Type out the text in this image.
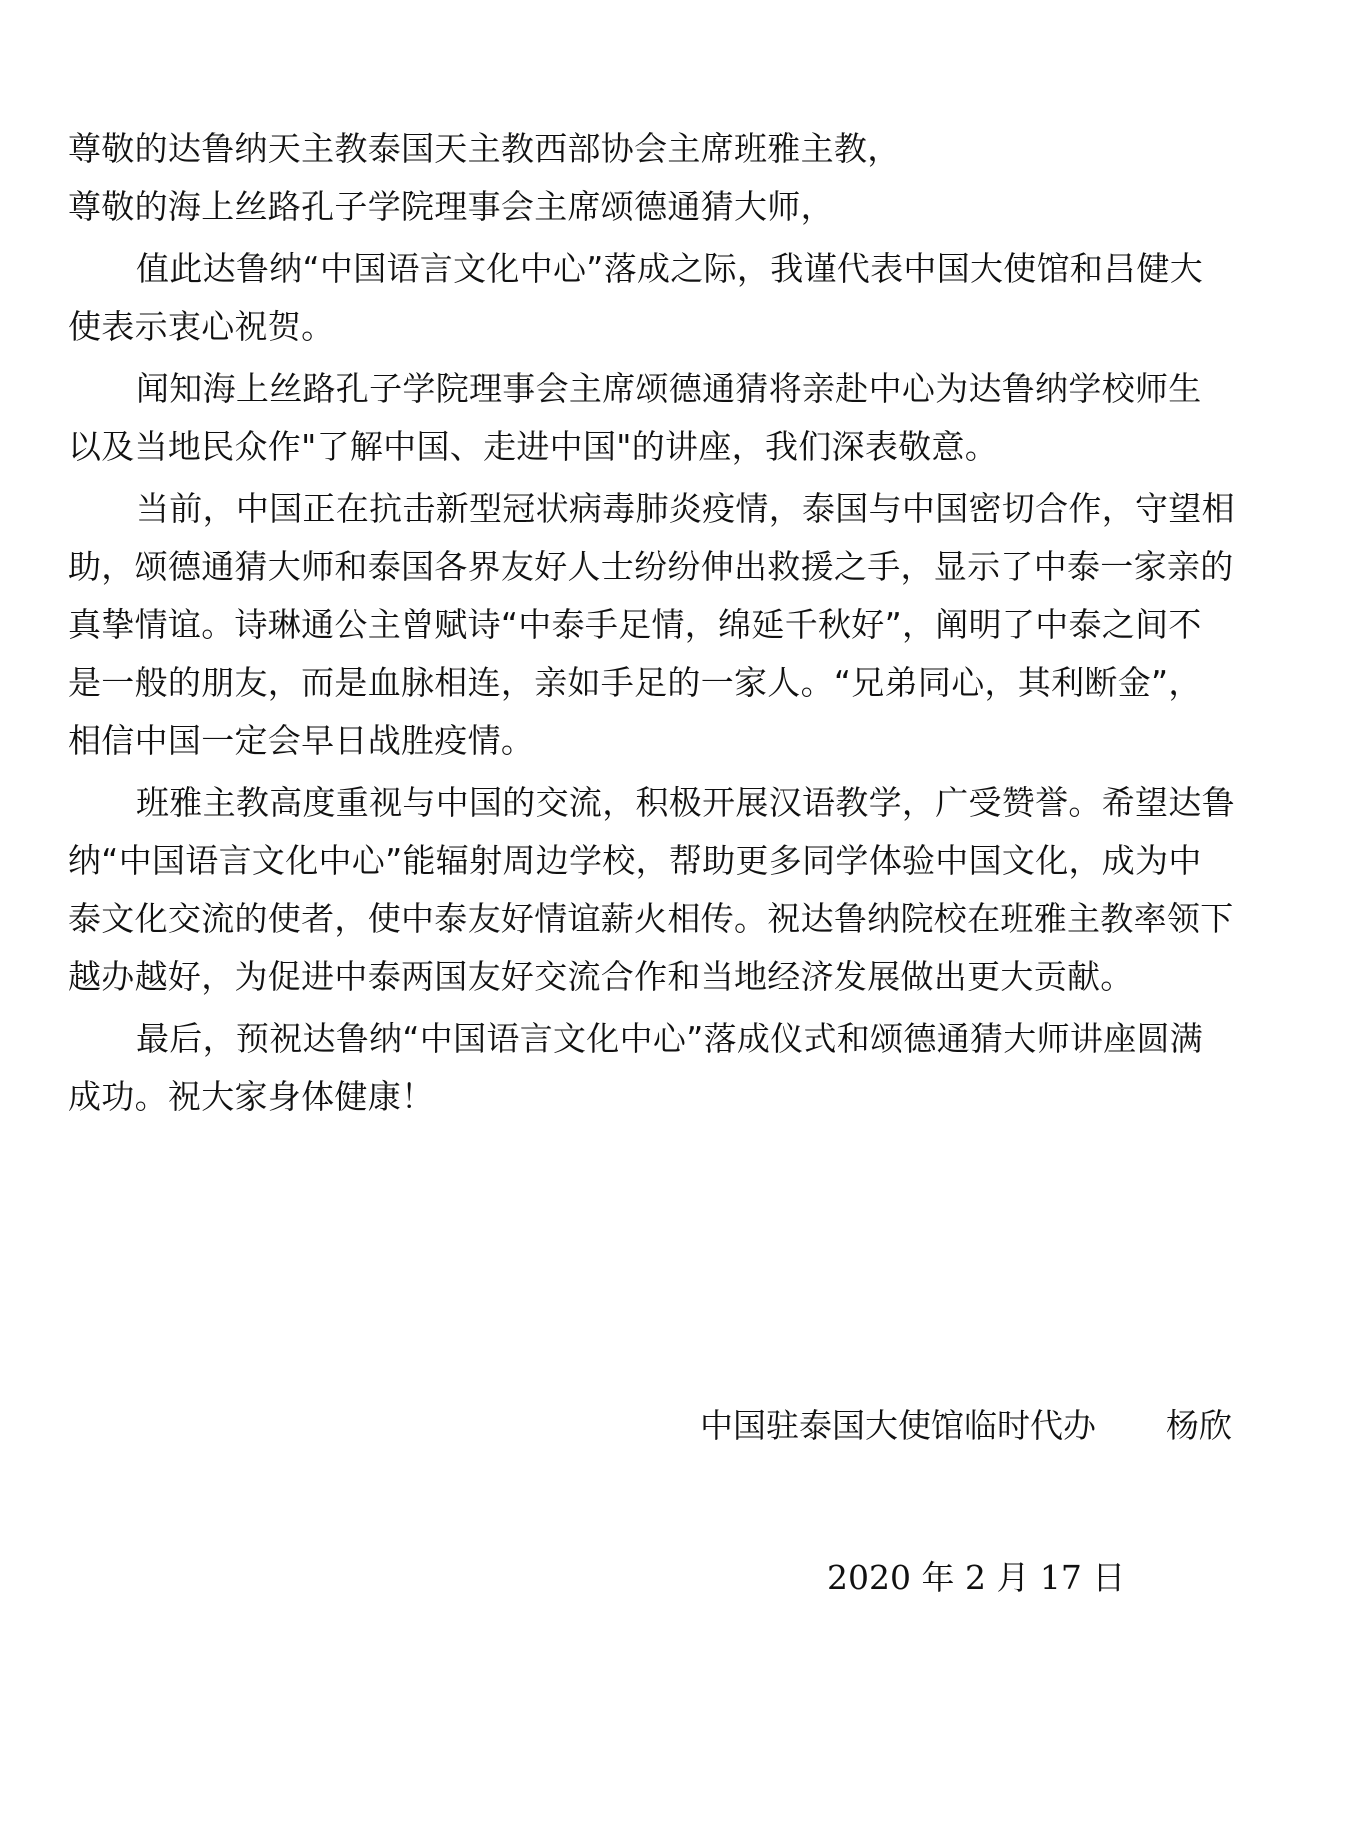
尊敬的达鲁纳天主教泰国天主教西部协会主席班雅主教，
尊敬的海上丝路孔子学院理事会主席颂德通猜大师，
值此达鲁纳“中国语言文化中心”落成之际，我谨代表中国大使馆和吕健大
使表示衷心祝贺。
闻知海上丝路孔子学院理事会主席颂德通猜将亲赴中心为达鲁纳学校师生
以及当地民众作"了解中国、走进中国"的讲座，我们深表敬意。
当前，中国正在抗击新型冠状病毒肺炎疫情，泰国与中国密切合作，守望相
助，颂德通猜大师和泰国各界友好人士纷纷伸出救援之手，显示了中泰一家亲的
真挚情谊。诗琳通公主曾赋诗“中泰手足情，绵延千秋好”，阐明了中泰之间不
是一般的朋友，而是血脉相连，亲如手足的一家人。“兄弟同心，其利断金”，
相信中国一定会早日战胜疫情。
班雅主教高度重视与中国的交流，积极开展汉语教学，广受赞誉。希望达鲁
纳“中国语言文化中心”能辐射周边学校，帮助更多同学体验中国文化，成为中
泰文化交流的使者，使中泰友好情谊薪火相传。祝达鲁纳院校在班雅主教率领下
越办越好，为促进中泰两国友好交流合作和当地经济发展做出更大贡献。
最后，预祝达鲁纳“中国语言文化中心”落成仪式和颂德通猜大师讲座圆满
成功。祝大家身体健康！
中国驻泰国大使馆临时代办 杨欣
2020 年 2 月 17 日
